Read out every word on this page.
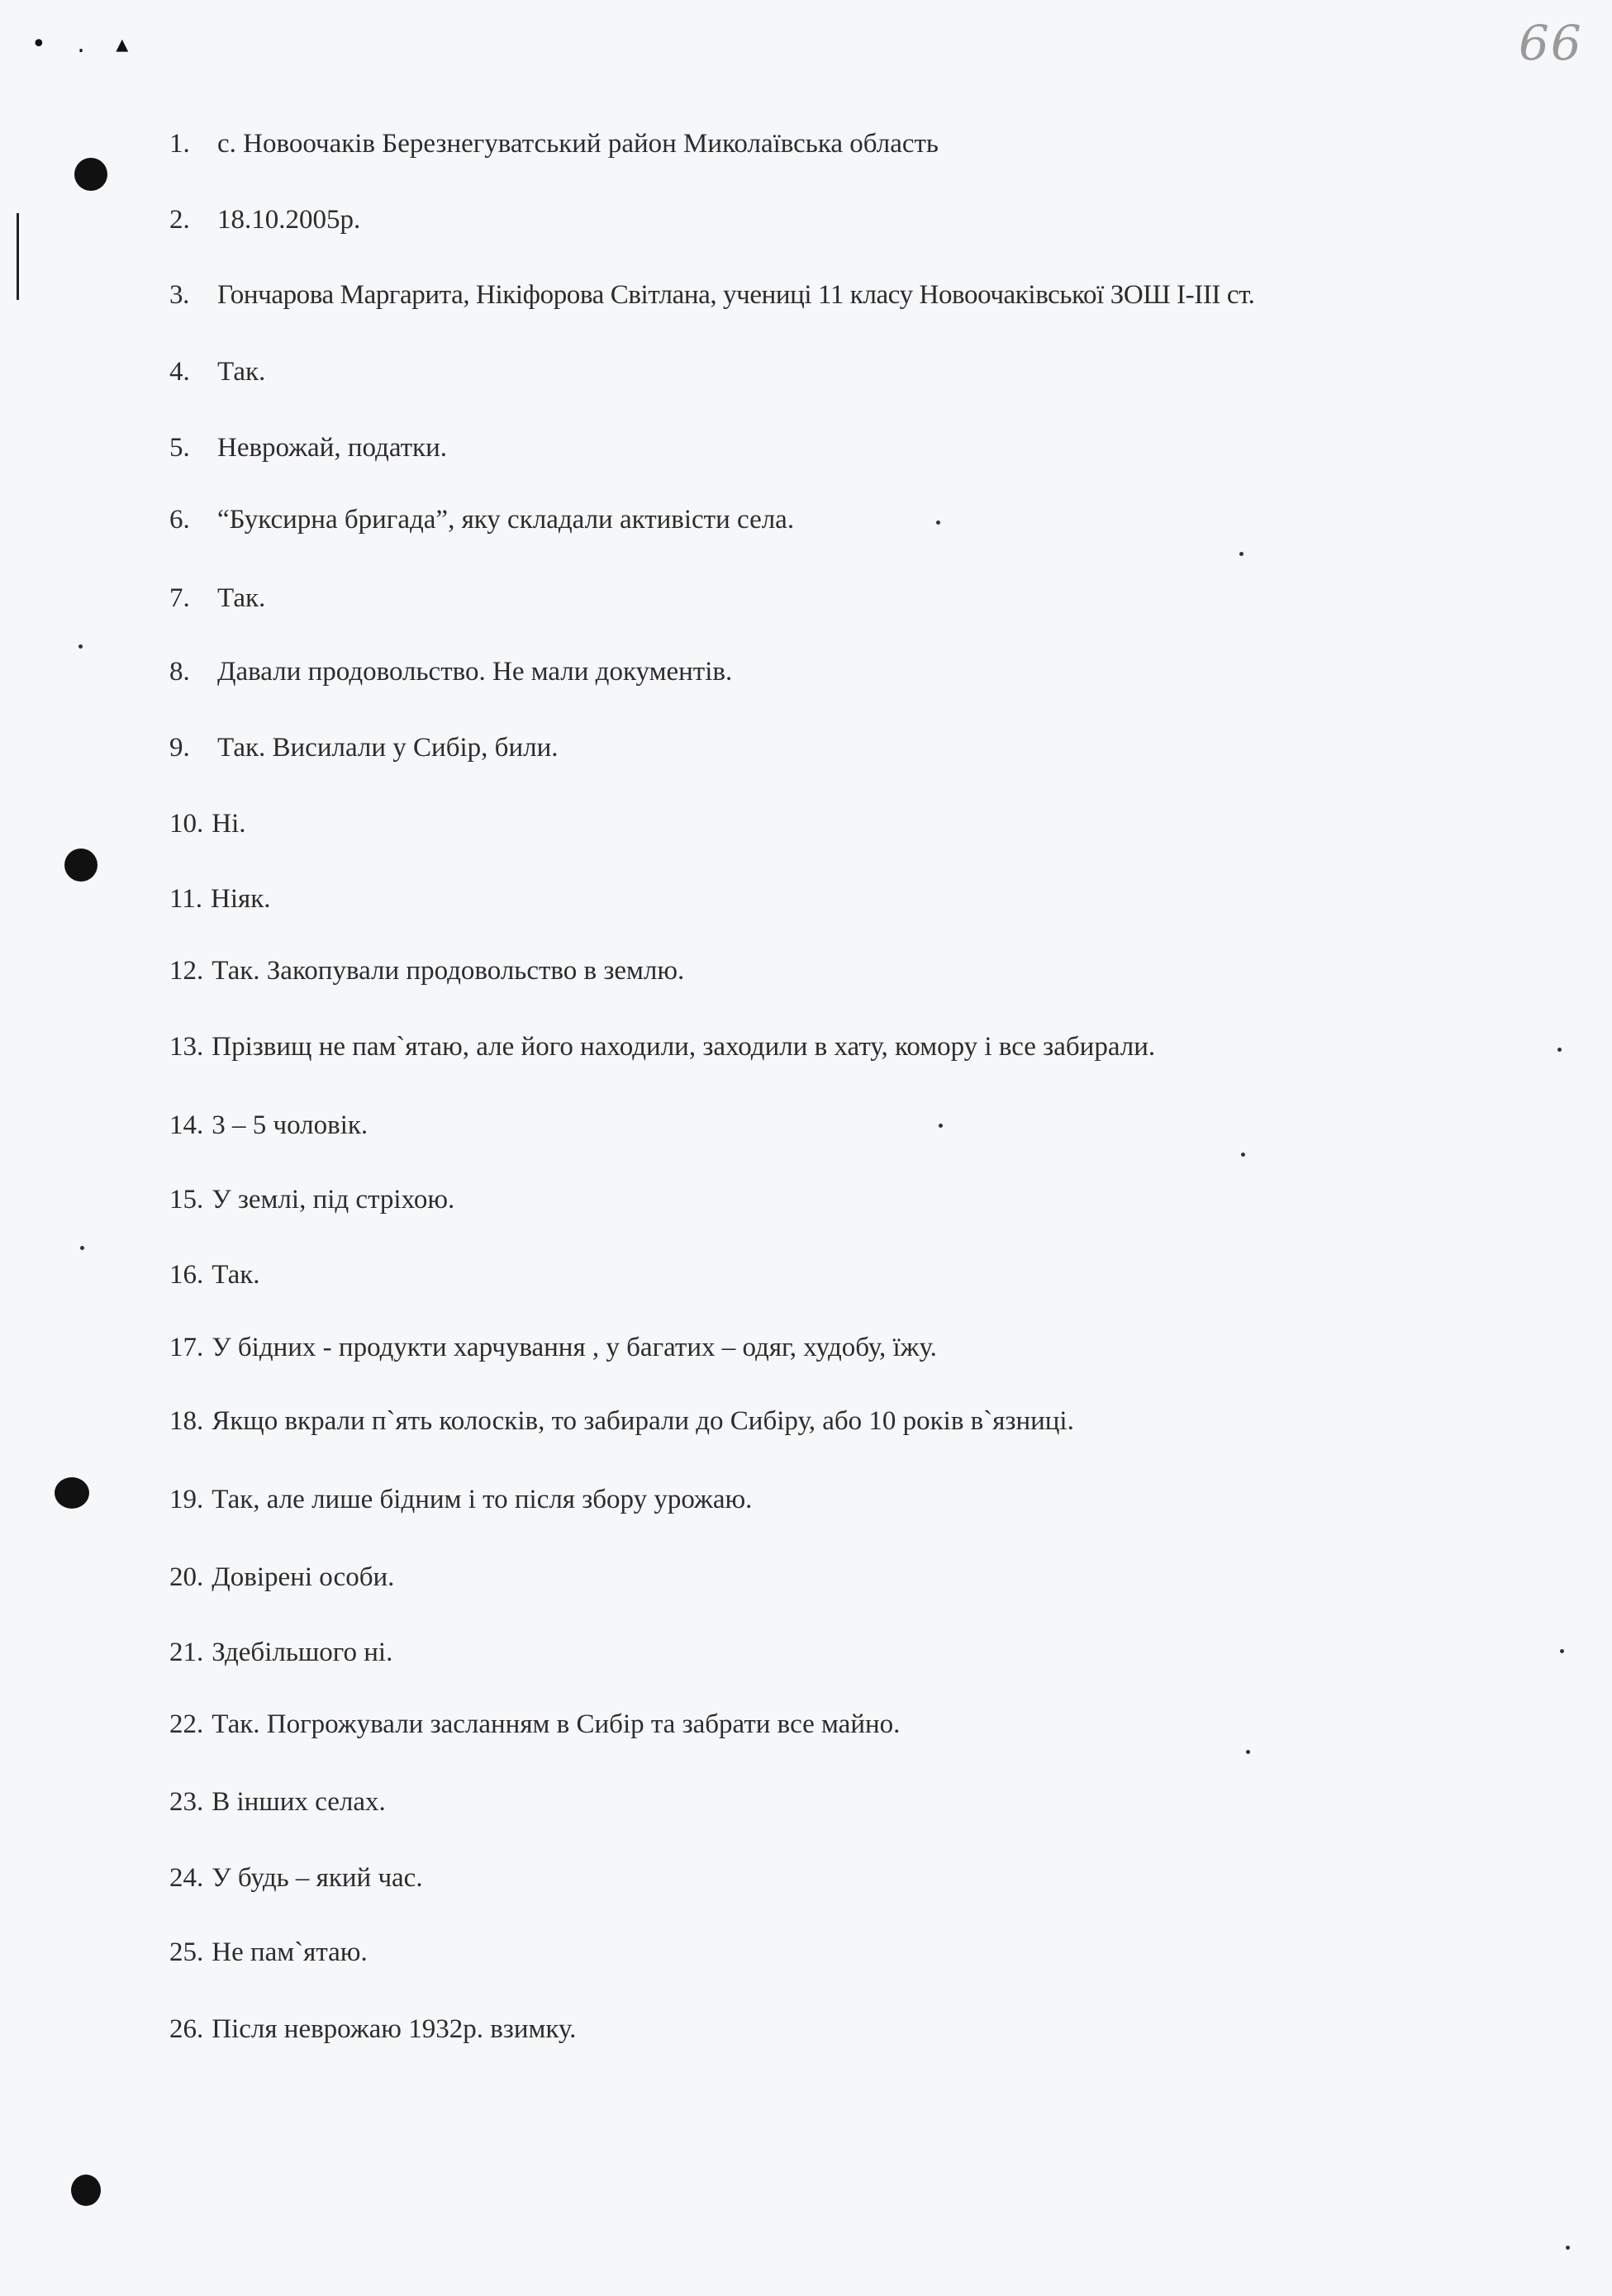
66
• . ▴
1. с. Новоочаків Березнегуватський район Миколаївська область
2. 18.10.2005р.
3. Гончарова Маргарита, Нікіфорова Світлана, учениці 11 класу Новоочаківської ЗОШ І-ІІІ ст.
4. Так.
5. Неврожай, податки.
6. “Буксирна бригада”, яку складали активісти села.
7. Так.
8. Давали продовольство. Не мали документів.
9. Так. Висилали у Сибір, били.
10. Ні.
11. Ніяк.
12. Так. Закопували продовольство в землю.
13. Прізвищ не пам`ятаю, але його находили, заходили в хату, комору і все забирали.
14. 3 – 5 чоловік.
15. У землі, під стріхою.
16. Так.
17. У бідних - продукти харчування , у багатих – одяг, худобу, їжу.
18. Якщо вкрали п`ять колосків, то забирали до Сибіру, або 10 років в`язниці.
19. Так, але лише бідним і то після збору урожаю.
20. Довірені особи.
21. Здебільшого ні.
22. Так. Погрожували засланням в Сибір та забрати все майно.
23. В інших селах.
24. У будь – який час.
25. Не пам`ятаю.
26. Після неврожаю 1932р. взимку.
